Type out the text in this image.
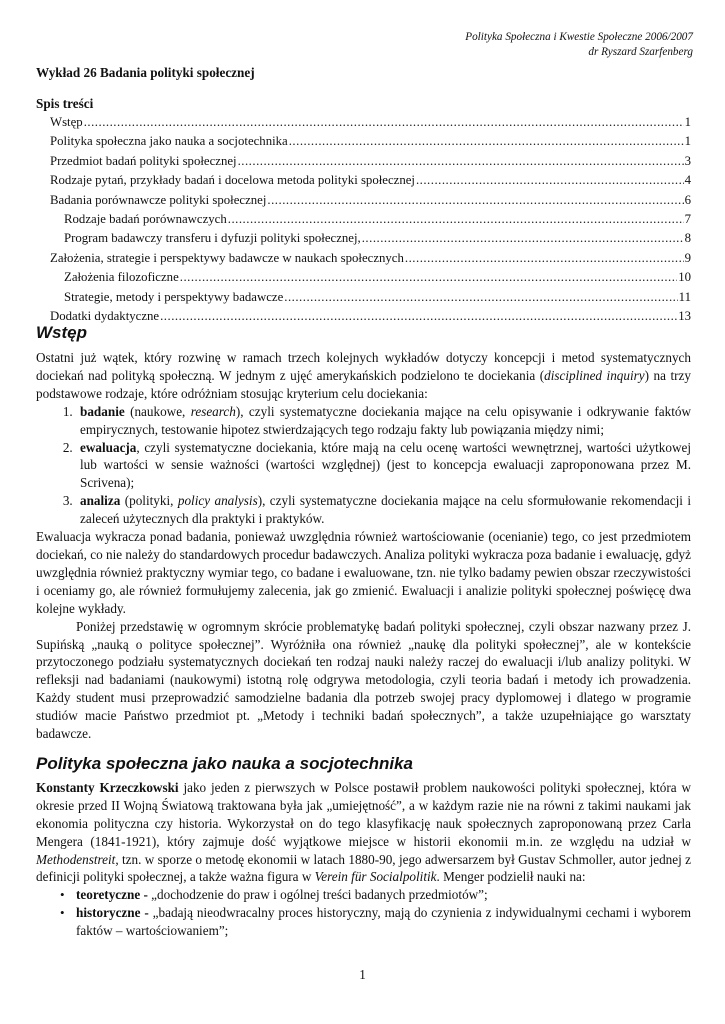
Polityka Społeczna i Kwestie Społeczne 2006/2007
dr Ryszard Szarfenberg
Wykład 26 Badania polityki społecznej
Spis treści
Wstęp .....	1
Polityka społeczna jako nauka a socjotechnika .....	1
Przedmiot badań polityki społecznej .....	3
Rodzaje pytań, przykłady badań i docelowa metoda polityki społecznej .....	4
Badania porównawcze polityki społecznej .....	6
Rodzaje badań porównawczych .....	7
Program badawczy transferu i dyfuzji polityki społecznej, .....	8
Założenia, strategie i perspektywy badawcze w naukach społecznych .....	9
Założenia filozoficzne .....	10
Strategie, metody i perspektywy badawcze .....	11
Dodatki dydaktyczne .....	13
Wstęp

Ostatni już wątek, który rozwinę w ramach trzech kolejnych wykładów dotyczy koncepcji i metod systematycznych dociekań nad polityką społeczną. W jednym z ujęć amerykańskich podzielono te dociekania (disciplined inquiry) na trzy podstawowe rodzaje, które odróżniam stosując kryterium celu dociekania:

1. badanie (naukowe, research), czyli systematyczne dociekania mające na celu opisywanie i odkrywanie faktów empirycznych, testowanie hipotez stwierdzających tego rodzaju fakty lub powiązania między nimi;
2. ewaluacja, czyli systematyczne dociekania, które mają na celu ocenę wartości wewnętrznej, wartości użytkowej lub wartości w sensie ważności (wartości względnej) (jest to koncepcja ewaluacji zaproponowana przez M. Scrivena);
3. analiza (polityki, policy analysis), czyli systematyczne dociekania mające na celu sformułowanie rekomendacji i zaleceń użytecznych dla praktyki i praktyków.

Ewaluacja wykracza ponad badania, ponieważ uwzględnia również wartościowanie (ocenianie) tego, co jest przedmiotem dociekań, co nie należy do standardowych procedur badawczych. Analiza polityki wykracza poza badanie i ewaluację, gdyż uwzględnia również praktyczny wymiar tego, co badane i ewaluowane, tzn. nie tylko badamy pewien obszar rzeczywistości i oceniamy go, ale również formułujemy zalecenia, jak go zmienić. Ewaluacji i analizie polityki społecznej poświęcę dwa kolejne wykłady.

Poniżej przedstawię w ogromnym skrócie problematykę badań polityki społecznej, czyli obszar nazwany przez J. Supińską „nauką o polityce społecznej”. Wyróżniła ona również „naukę dla polityki społecznej”, ale w kontekście przytoczonego podziału systematycznych dociekań ten rodzaj nauki należy raczej do ewaluacji i/lub analizy polityki. W refleksji nad badaniami (naukowymi) istotną rolę odgrywa metodologia, czyli teoria badań i metody ich prowadzenia. Każdy student musi przeprowadzić samodzielne badania dla potrzeb swojej pracy dyplomowej i dlatego w programie studiów macie Państwo przedmiot pt. „Metody i techniki badań społecznych”, a także uzupełniające go warsztaty badawcze.

Polityka społeczna jako nauka a socjotechnika

Konstanty Krzeczkowski jako jeden z pierwszych w Polsce postawił problem naukowości polityki społecznej, która w okresie przed II Wojną Światową traktowana była jak „umiejętność”, a w każdym razie nie na równi z takimi naukami jak ekonomia polityczna czy historia. Wykorzystał on do tego klasyfikację nauk społecznych zaproponowaną przez Carla Mengera (1841-1921), który zajmuje dość wyjątkowe miejsce w historii ekonomii m.in. ze względu na udział w Methodenstreit, tzn. w sporze o metodę ekonomii w latach 1880-90, jego adwersarzem był Gustav Schmoller, autor jednej z definicji polityki społecznej, a także ważna figura w Verein für Socialpolitik. Menger podzielił nauki na:

• teoretyczne - „dochodzenie do praw i ogólnej treści badanych przedmiotów”;
• historyczne - „badają nieodwracalny proces historyczny, mają do czynienia z indywidualnymi cechami i wyborem faktów – wartościowaniem”;
1
